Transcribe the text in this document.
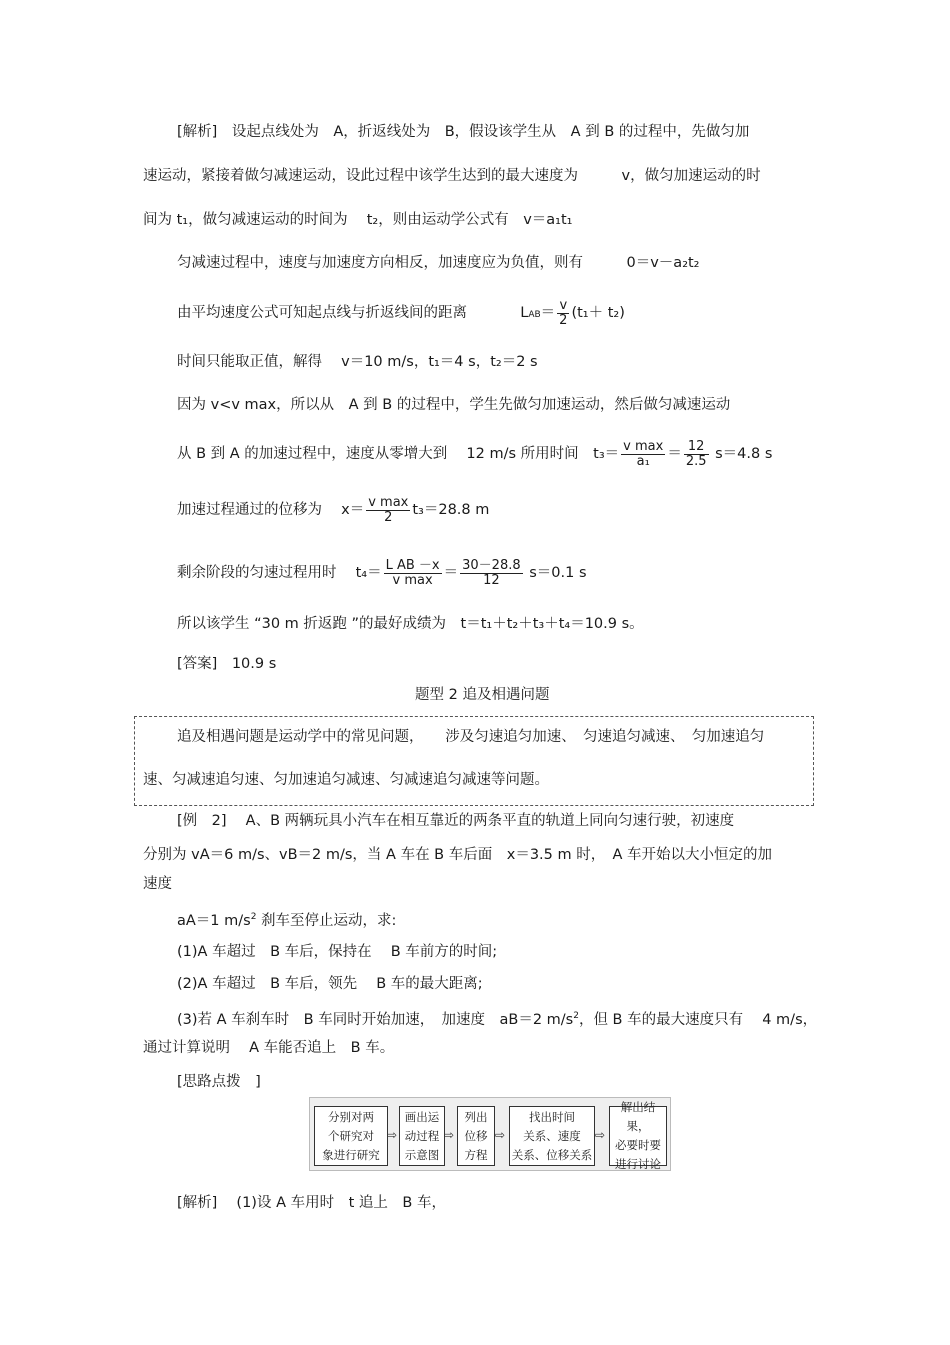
[解析]　设起点线处为　A，折返线处为　B，假设该学生从　A 到 B 的过程中，先做匀加
速运动，紧接着做匀减速运动，设此过程中该学生达到的最大速度为　　　v，做匀加速运动的时
间为 t₁，做匀减速运动的时间为　 t₂，则由运动学公式有　v＝a₁t₁
匀减速过程中，速度与加速度方向相反，加速度应为负值，则有　　　0＝v－a₂t₂
由平均速度公式可知起点线与折返线间的距离	$LAB= \frac{v}{2} (t_1+ t_2)$
时间只能取正值，解得　 v＝10 m/s，t₁＝4 s，t₂＝2 s
因为 v<v max，所以从　A 到 B 的过程中，学生先做匀加速运动，然后做匀减速运动
从 B 到 A 的加速过程中，速度从零增大到　 12 m/s 所用时间　$t_3= \frac{\text{v max}}{\text{a₁}} = \frac{12}{2.5} s=4.8$ s
加速过程通过的位移为　 $x= \frac{\text{v max}}{2} t_3=28.8$ m
剩余阶段的匀速过程用时　 $t_4= \frac{\text{L AB －x}}{\text{v max}} = \frac{30-28.8}{12} s=0.1$ s
所以该学生 “30 m 折返跑 ”的最好成绩为　t＝t₁＋t₂＋t₃＋t₄＝10.9 s。
[答案]　10.9 s
题型 2 追及相遇问题
追及相遇问题是运动学中的常见问题，　　涉及匀速追匀加速、　匀速追匀减速、　匀加速追匀
速、匀减速追匀速、匀加速追匀减速、匀减速追匀减速等问题。
[例　2]　 A、B 两辆玩具小汽车在相互靠近的两条平直的轨道上同向匀速行驶，初速度
分别为 vA＝6 m/s、vB＝2 m/s，当 A 车在 B 车后面　x＝3.5 m 时，　A 车开始以大小恒定的加
速度
aA＝1 $m/s^2$ 刹车至停止运动，求:
(1)A 车超过　B 车后，保持在　 B 车前方的时间;
(2)A 车超过　B 车后，领先　 B 车的最大距离;
(3)若 A 车刹车时　B 车同时开始加速，　加速度　aB＝2 $m/s^2$，但 B 车的最大速度只有　 4 m/s，
通过计算说明　 A 车能否追上　B 车。
[思路点拨　]
分别对两
个研究对
象进行研究
⇨
画出运
动过程
示意图
⇨
列出
位移
方程
⇨
找出时间
关系、速度
关系、位移关系
⇨
解出结果，
必要时要
进行讨论
[解析]　 (1)设 A 车用时　t 追上　B 车，
